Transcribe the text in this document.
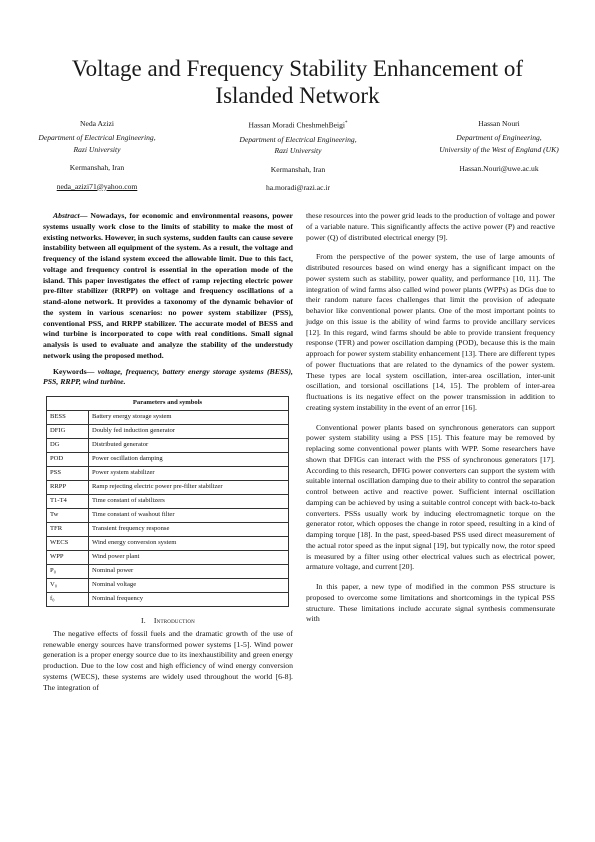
Voltage and Frequency Stability Enhancement of Islanded Network
Neda Azizi
Department of Electrical Engineering,
Razi University
Kermanshah, Iran
neda_azizi71@yahoo.com
Hassan Moradi CheshmehBeigi*
Department of Electrical Engineering,
Razi University
Kermanshah, Iran
ha.moradi@razi.ac.ir
Hassan Nouri
Department of Engineering,
University of the West of England (UK)
Hassan.Nouri@uwe.ac.uk

Abstract— Nowadays, for economic and environmental reasons, power systems usually work close to the limits of stability to make the most of existing networks. However, in such systems, sudden faults can cause severe instability between all equipment of the system. As a result, the voltage and frequency of the island system exceed the allowable limit. Due to this fact, voltage and frequency control is essential in the operation mode of the island. This paper investigates the effect of ramp rejecting electric power pre-filter stabilizer (RRPP) on voltage and frequency oscillations of a stand-alone network. It provides a taxonomy of the dynamic behavior of the system in various scenarios: no power system stabilizer (PSS), conventional PSS, and RRPP stabilizer. The accurate model of BESS and wind turbine is incorporated to cope with real conditions. Small signal analysis is used to evaluate and analyze the stability of the understudy network using the proposed method.

Keywords— voltage, frequency, battery energy storage systems (BESS), PSS, RRPP, wind turbine.

Parameters and symbols	
BESS	Battery energy storage system
DFIG	Doubly fed induction generator
DG	Distributed generator
POD	Power oscillation damping
PSS	Power system stabilizer
RRPP	Ramp rejecting electric power pre-filter stabilizer
T1-T4	Time constant of stabilizers
Tw	Time constant of washout filter
TFR	Transient frequency response
WECS	Wind energy conversion system
WPP	Wind power plant
P₀	Nominal power
V₀	Nominal voltage
f₀	Nominal frequency
I. Introduction

The negative effects of fossil fuels and the dramatic growth of the use of renewable energy sources have transformed power systems [1-5]. Wind power generation is a proper energy source due to its inexhaustibility and green energy production. Due to the low cost and high efficiency of wind energy conversion systems (WECS), these systems are widely used throughout the world [6-8]. The integration of

these resources into the power grid leads to the production of voltage and power of a variable nature. This significantly affects the active power (P) and reactive power (Q) of distributed electrical energy [9].

From the perspective of the power system, the use of large amounts of distributed resources based on wind energy has a significant impact on the power system such as stability, power quality, and performance [10, 11]. The integration of wind farms also called wind power plants (WPPs) as DGs due to their random nature faces challenges that limit the provision of adequate behavior like conventional power plants. One of the most important points to judge on this issue is the ability of wind farms to provide ancillary services [12]. In this regard, wind farms should be able to provide transient frequency response (TFR) and power oscillation damping (POD), because this is the main approach for power system stability enhancement [13]. There are different types of power fluctuations that are related to the dynamics of the power system. These types are local system oscillation, inter-area oscillation, inter-unit oscillation, and torsional oscillations [14, 15]. The problem of inter-area fluctuations is its negative effect on the power transmission in addition to creating system instability in the event of an error [16].

Conventional power plants based on synchronous generators can support power system stability using a PSS [15]. This feature may be removed by replacing some conventional power plants with WPP. Some researchers have shown that DFIGs can interact with the PSS of synchronous generators [17]. According to this research, DFIG power converters can support the system with suitable internal oscillation damping due to their ability to control the separation control between active and reactive power. Sufficient internal oscillation damping can be achieved by using a suitable control concept with back-to-back converters. PSSs usually work by inducing electromagnetic torque on the generator rotor, which opposes the change in rotor speed, resulting in a kind of damping torque [18]. In the past, speed-based PSS used direct measurement of the actual rotor speed as the input signal [19], but typically now, the rotor speed is measured by a filter using other electrical values such as electrical power, armature voltage, and current [20].

In this paper, a new type of modified in the common PSS structure is proposed to overcome some limitations and shortcomings in the typical PSS structure. These limitations include accurate signal synthesis commensurate with
